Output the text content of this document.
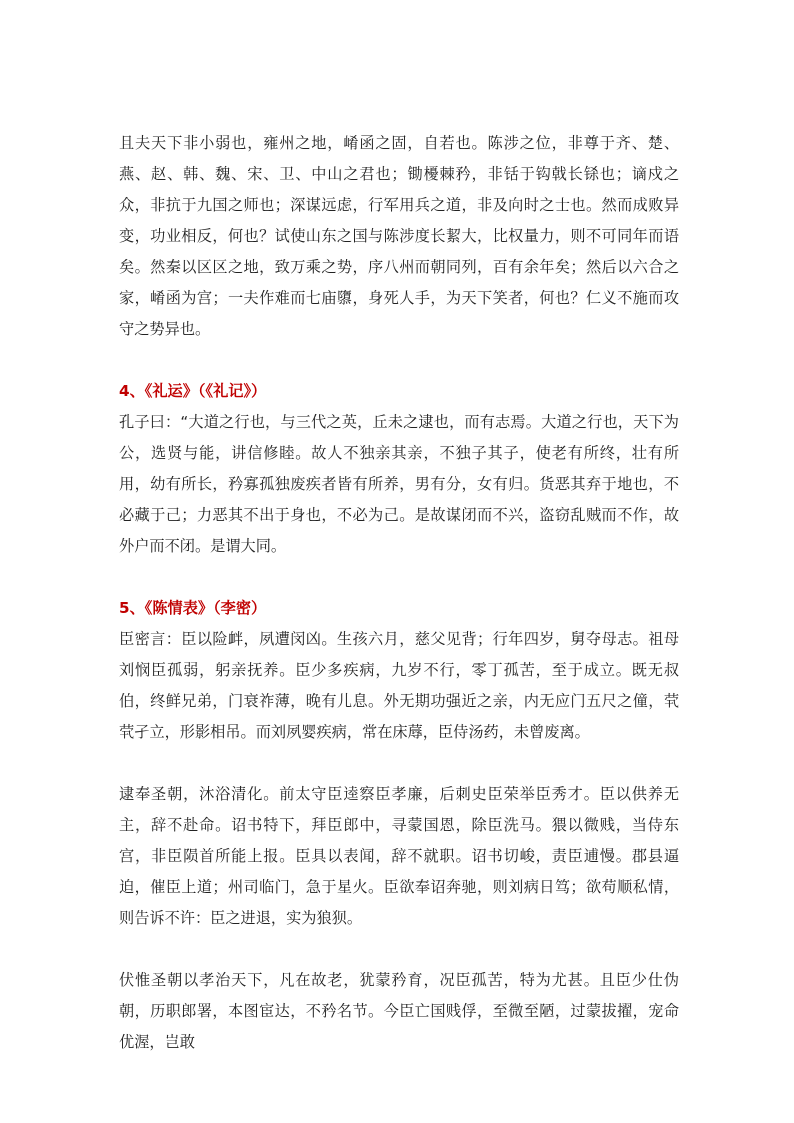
且夫天下非小弱也，雍州之地，崤函之固，自若也。陈涉之位，非尊于齐、楚、燕、赵、韩、魏、宋、卫、中山之君也；锄櫌棘矜，非铦于钩戟长铩也；谪戍之众，非抗于九国之师也；深谋远虑，行军用兵之道，非及向时之士也。然而成败异变，功业相反，何也？试使山东之国与陈涉度长絜大，比权量力，则不可同年而语矣。然秦以区区之地，致万乘之势，序八州而朝同列，百有余年矣；然后以六合之家，崤函为宫；一夫作难而七庙隳，身死人手，为天下笑者，何也？仁义不施而攻守之势异也。

4、《礼运》（《礼记》）

孔子曰：“大道之行也，与三代之英，丘未之逮也，而有志焉。大道之行也，天下为公，选贤与能，讲信修睦。故人不独亲其亲，不独子其子，使老有所终，壮有所用，幼有所长，矜寡孤独废疾者皆有所养，男有分，女有归。货恶其弃于地也，不必藏于己；力恶其不出于身也，不必为己。是故谋闭而不兴，盗窃乱贼而不作，故外户而不闭。是谓大同。

5、《陈情表》（李密）

臣密言：臣以险衅，夙遭闵凶。生孩六月，慈父见背；行年四岁，舅夺母志。祖母刘悯臣孤弱，躬亲抚养。臣少多疾病，九岁不行，零丁孤苦，至于成立。既无叔伯，终鲜兄弟，门衰祚薄，晚有儿息。外无期功强近之亲，内无应门五尺之僮，茕茕孑立，形影相吊。而刘夙婴疾病，常在床蓐，臣侍汤药，未曾废离。

逮奉圣朝，沐浴清化。前太守臣逵察臣孝廉，后刺史臣荣举臣秀才。臣以供养无主，辞不赴命。诏书特下，拜臣郎中，寻蒙国恩，除臣洗马。猥以微贱，当侍东宫，非臣陨首所能上报。臣具以表闻，辞不就职。诏书切峻，责臣逋慢。郡县逼迫，催臣上道；州司临门，急于星火。臣欲奉诏奔驰，则刘病日笃；欲苟顺私情，则告诉不许：臣之进退，实为狼狈。

伏惟圣朝以孝治天下，凡在故老，犹蒙矜育，况臣孤苦，特为尤甚。且臣少仕伪朝，历职郎署，本图宦达，不矜名节。今臣亡国贱俘，至微至陋，过蒙拔擢，宠命优渥，岂敢
